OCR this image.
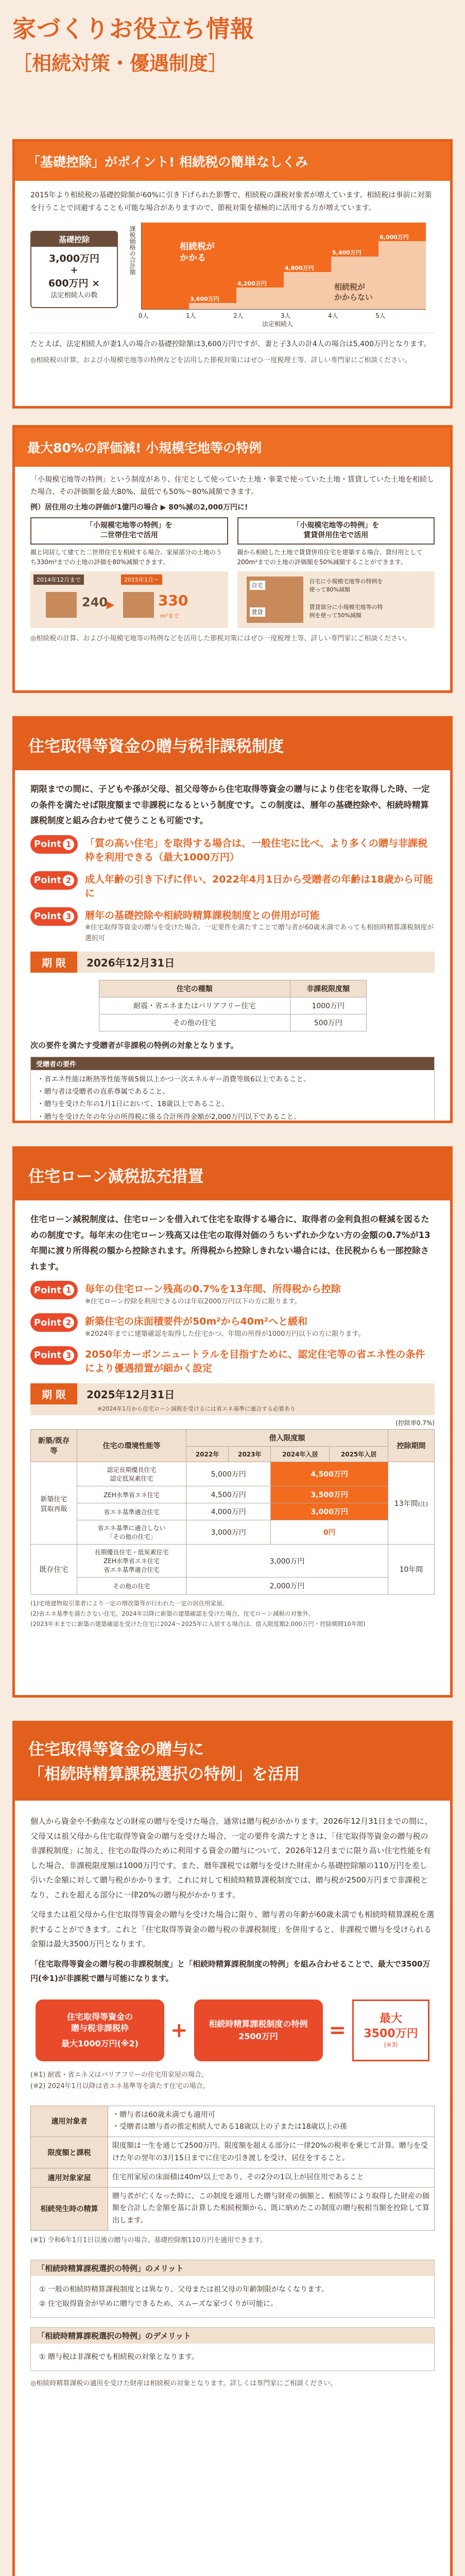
家づくりお役立ち情報
［相続対策・優遇制度］
「基礎控除」がポイント! 相続税の簡単なしくみ
2015年より相続税の基礎控除額が60%に引き下げられた影響で、相続税の課税対象者が増えています。相続税は事前に対策を行うことで回避することも可能な場合がありますので、節税対策を積極的に活用する方が増えています。
基礎控除
3,000万円
+
600万円 ×
法定相続人の数
課税価格の合計額	相続税が
かかる
相続税が
かからない
3,600万円
4,200万円
4,800万円
5,400万円
6,000万円
0人	1人	2人	3人	4人	5人
法定相続人
たとえば、法定相続人が妻1人の場合の基礎控除額は3,600万円ですが、妻と子3人の計4人の場合は5,400万円となります。
◎相続税の計算、および小規模宅地等の特例などを活用した節税対策にはぜひ一度税理士等、詳しい専門家にご相談ください。
最大80%の評価減! 小規模宅地等の特例
「小規模宅地等の特例」という制度があり、住宅として使っていた土地・事業で使っていた土地・賃貸していた土地を相続した場合、その評価額を最大80%、最低でも50%〜80%減額できます。
例）居住用の土地の評価が1億円の場合 ▶ 80%減の2,000万円に!
「小規模宅地等の特例」を
二世帯住宅で活用
親と同居して建てた二世帯住宅を相続する場合、家屋部分の土地のうち330m²までの土地の評価を80%減額できます。
2014年12月まで	2015年1月〜
240
▶	330
m²まで
「小規模宅地等の特例」を
賃貸併用住宅で活用
親から相続した土地で賃貸併用住宅を建築する場合、貸付用として200m²までの土地の評価額を50%減額することができます。
自宅
賃貸
自宅に小規模宅地等の特例を使って80%減額
賃貸部分に小規模宅地等の特例を使って50%減額
◎相続税の計算、および小規模宅地等の特例などを活用した節税対策にはぜひ一度税理士等、詳しい専門家にご相談ください。
住宅取得等資金の贈与税非課税制度
期限までの間に、子どもや孫が父母、祖父母等から住宅取得等資金の贈与により住宅を取得した時、一定の条件を満たせば限度額まで非課税になるという制度です。この制度は、暦年の基礎控除や、相続時精算課税制度と組み合わせて使うことも可能です。
Point 1	「質の高い住宅」を取得する場合は、一般住宅に比べ、より多くの贈与非課税枠を利用できる（最大1000万円）
Point 2	成人年齢の引き下げに伴い、2022年4月1日から受贈者の年齢は18歳から可能に
Point 3	暦年の基礎控除や相続時精算課税制度との併用が可能
※住宅取得等資金の贈与を受けた場合、一定要件を満たすことで贈与者が60歳未満であっても相続時精算課税制度が選択可
期 限	2026年12月31日
住宅の種類	非課税限度額
耐震・省エネまたはバリアフリー住宅	1000万円
その他の住宅	500万円
次の要件を満たす受贈者が非課税の特例の対象となります。
受贈者の要件
・ 省エネ性能は断熱等性能等級5級以上かつ一次エネルギー消費等級6以上であること。
・ 贈与者は受贈者の直系尊属であること。
・ 贈与を受けた年の1月1日において、18歳以上であること。
・ 贈与を受けた年の年分の所得税に係る合計所得金額が2,000万円以下であること。
住宅ローン減税拡充措置
住宅ローン減税制度は、住宅ローンを借入れて住宅を取得する場合に、取得者の金利負担の軽減を図るための制度です。毎年末の住宅ローン残高又は住宅の取得対価のうちいずれか少ない方の金額の0.7%が13年間に渡り所得税の額から控除されます。所得税から控除しきれない場合には、住民税からも一部控除されます。
Point 1	毎年の住宅ローン残高の0.7%を13年間、所得税から控除
※住宅ローン控除を利用できるのは年収2000万円以下の方に限ります。
Point 2	新築住宅の床面積要件が50m²から40m²へと緩和
※2024年までに建築確認を取得した住宅かつ、年間の所得が1000万円以下の方に限ります。
Point 3	2050年カーボンニュートラルを目指すために、認定住宅等の省エネ性の条件により優遇措置が細かく設定
期 限	2025年12月31日
※2024年1月から住宅ローン減税を受けるには省エネ基準に適合する必要あり
(控除率0.7%)
新築/既存等	住宅の環境性能等	借入限度額				控除期間
		2022年	2023年	2024年入居	2025年入居	
新築住宅
買取再販	認定長期優良住宅
認定低炭素住宅	5,000万円		4,500万円		13年間(注)
	ZEH水準省エネ住宅	4,500万円		3,500万円		
	省エネ基準適合住宅	4,000万円		3,000万円		
	省エネ基準に適合しない
「その他の住宅」	3,000万円		0円		
既存住宅	長期優良住宅・低炭素住宅
ZEH水準省エネ住宅
省エネ基準適合住宅	3,000万円				10年間
	その他の住宅	2,000万円				
(1)宅地建物取引業者により一定の増改築等が行われた一定の居住用家屋。
(2)省エネ基準を満たさない住宅。2024年以降に新築の建築確認を受けた場合、住宅ローン減税の対象外。
(2023年末までに新築の建築確認を受けた住宅に2024〜2025年に入居する場合は、借入限度額2,000万円・控除期間10年間)
住宅取得等資金の贈与に
「相続時精算課税選択の特例」を活用
個人から資金や不動産などの財産の贈与を受けた場合、通常は贈与税がかかります。2026年12月31日までの間に、父母又は祖父母から住宅取得等資金の贈与を受けた場合、一定の要件を満たすときは、「住宅取得等資金の贈与税の非課税制度」に加え、住宅の取得のために利用する資金の贈与について、2026年12月までに限り高い住宅性能を有した場合、非課税限度額は1000万円です。また、暦年課税では贈与を受けた財産から基礎控除額の110万円を差し引いた金額に対して贈与税がかかります。これに対して相続時精算課税制度では、贈与税が2500万円まで非課税となり、これを超える部分に一律20%の贈与税がかかります。
父母または祖父母から住宅取得等資金の贈与を受けた場合に限り、贈与者の年齢が60歳未満でも相続時精算課税を選択することができます。これと「住宅取得等資金の贈与税の非課税制度」を併用すると、非課税で贈与を受けられる金額は最大3500万円となります。
「住宅取得等資金の贈与税の非課税制度」と「相続時精算課税制度の特例」を組み合わせることで、最大で3500万円(※1)が非課税で贈与可能になります。
住宅取得等資金の
贈与税非課税枠
最大1000万円(※2)
+	相続時精算課税制度の特例
2500万円	=	最大
3500万円
(※3)
(※1) 耐震・省エネ又はバリアフリーの住宅用家屋の場合。
(※2) 2024年1月以降は省エネ基準等を満たす住宅の場合。
適用対象者	・贈与者は60歳未満でも適用可
・受贈者は贈与者の推定相続人である18歳以上の子または18歳以上の孫
限度額と課税	限度額は一生を通じて2500万円。限度額を超える部分に一律20%の税率を乗じて計算。贈与を受けた年の翌年の3月15日までに住宅の引き渡しを受け、居住をすること。
適用対象家屋	住宅用家屋の床面積は40m²以上であり、その2分の1以上が居住用であること
相続発生時の精算	贈与者が亡くなった時に、この制度を適用した贈与財産の価額と、相続等により取得した財産の価額を合計した金額を基に計算した相続税額から、既に納めたこの制度の贈与税相当額を控除して算出します。
(※1) 令和6年1月1日以後の贈与の場合、基礎控除額110万円を適用できます。
「相続時精算課税選択の特例」のメリット
① 一般の相続時精算課税制度とは異なり、父母または祖父母の年齢制限がなくなります。
② 住宅取得資金が早めに贈与できるため、スムーズな家づくりが可能に。
「相続時精算課税選択の特例」のデメリット
① 贈与税は非課税でも相続税の対象となります。
◎相続時精算課税の適用を受けた財産は相続税の対象となります。詳しくは専門家にご相談ください。
